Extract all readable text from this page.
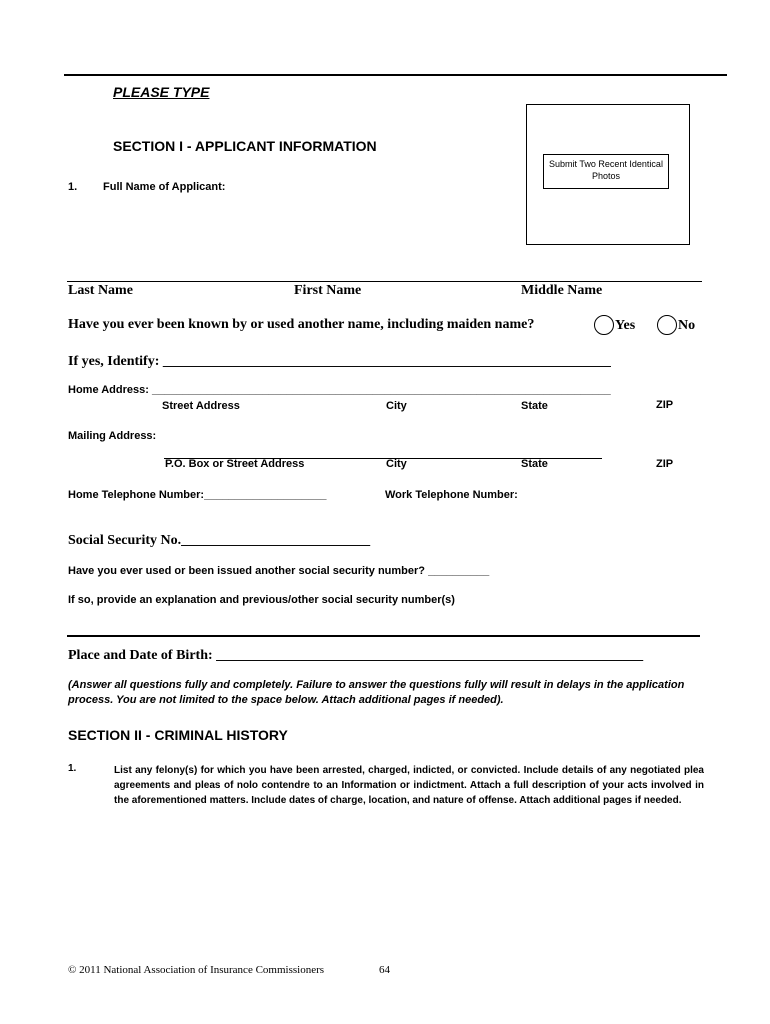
PLEASE TYPE
SECTION I - APPLICANT INFORMATION
Submit Two Recent Identical Photos
1. Full Name of Applicant:
Last Name	First Name	Middle Name
Have you ever been known by or used another name, including maiden name?	Yes	No
If yes, Identify: ________________________________________________________________
Home Address: ___________________________________________________________________________
Street Address	City	State	ZIP
Mailing Address:
P.O. Box or Street Address	City	State	ZIP
Home Telephone Number:____________________	Work Telephone Number:
Social Security No.___________________________
Have you ever used or been issued another social security number? __________
If so, provide an explanation and previous/other social security number(s)
Place and Date of Birth: _____________________________________________________________
(Answer all questions fully and completely. Failure to answer the questions fully will result in delays in the application process. You are not limited to the space below. Attach additional pages if needed).
SECTION II - CRIMINAL HISTORY
1.	List any felony(s) for which you have been arrested, charged, indicted, or convicted. Include details of any negotiated plea agreements and pleas of nolo contendre to an Information or indictment. Attach a full description of your acts involved in the aforementioned matters. Include dates of charge, location, and nature of offense. Attach additional pages if needed.
© 2011 National Association of Insurance Commissioners	64
